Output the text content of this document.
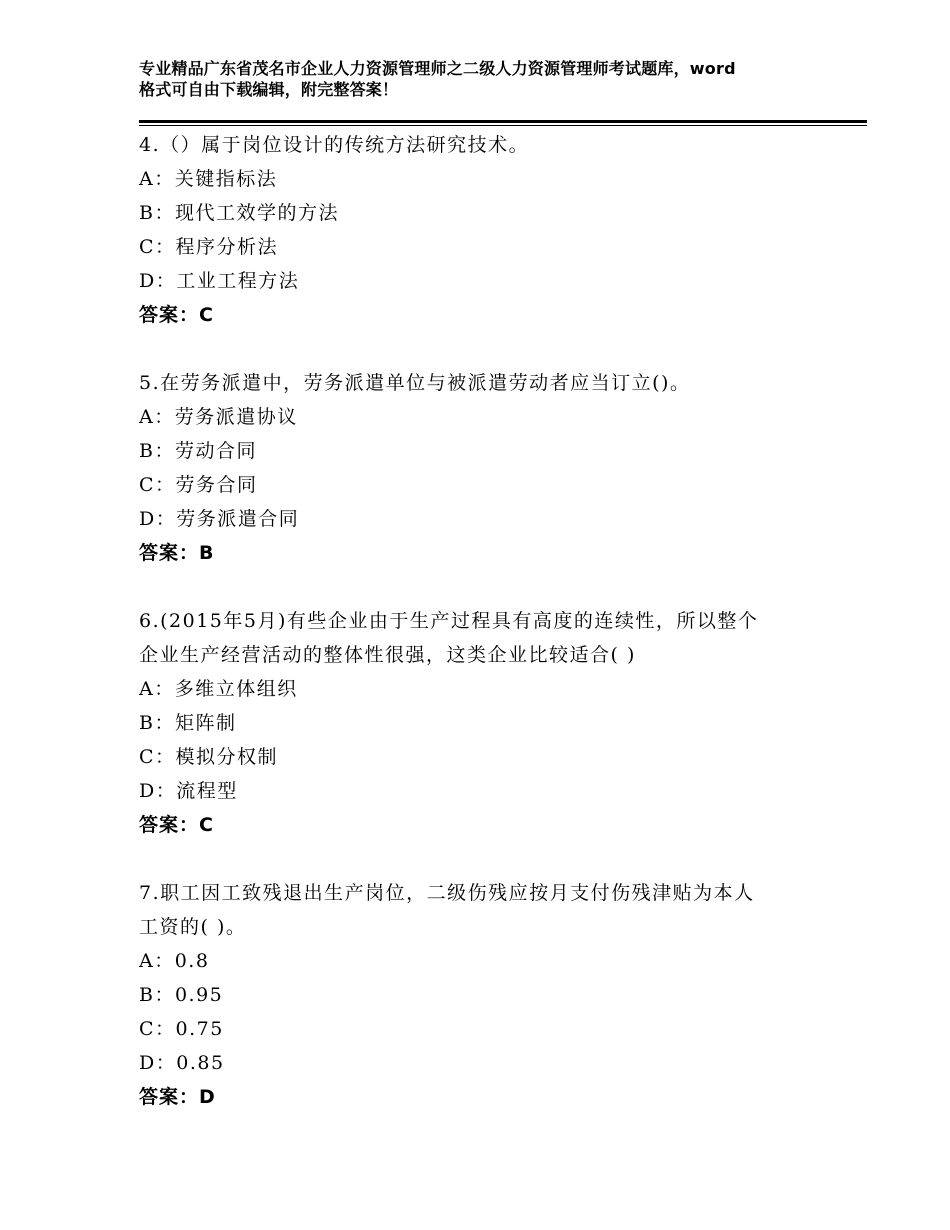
专业精品广东省茂名市企业人力资源管理师之二级人力资源管理师考试题库，word
格式可自由下载编辑，附完整答案！
4.（）属于岗位设计的传统方法研究技术。
A：关键指标法
B：现代工效学的方法
C：程序分析法
D：工业工程方法
答案：C
5.在劳务派遣中，劳务派遣单位与被派遣劳动者应当订立()。
A：劳务派遣协议
B：劳动合同
C：劳务合同
D：劳务派遣合同
答案：B
6.(2015年5月)有些企业由于生产过程具有高度的连续性，所以整个
企业生产经营活动的整体性很强，这类企业比较适合( )
A：多维立体组织
B：矩阵制
C：模拟分权制
D：流程型
答案：C
7.职工因工致残退出生产岗位，二级伤残应按月支付伤残津贴为本人
工资的( )。
A：0.8
B：0.95
C：0.75
D：0.85
答案：D
